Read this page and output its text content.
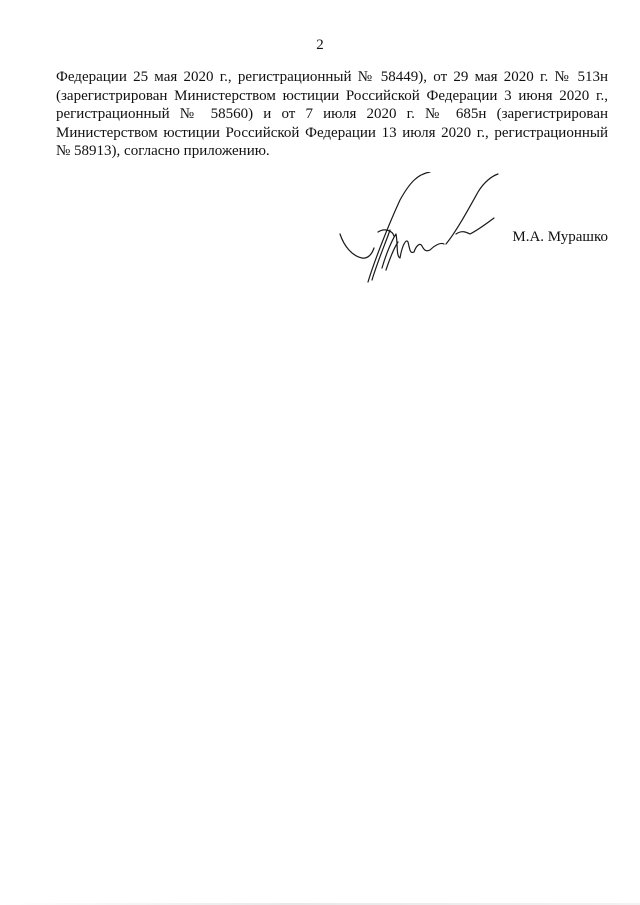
2
Федерации 25 мая 2020 г., регистрационный № 58449), от 29 мая 2020 г. № 513н
(зарегистрирован Министерством юстиции Российской Федерации 3 июня 2020 г.,
регистрационный № 58560) и от 7 июля 2020 г. № 685н (зарегистрирован
Министерством юстиции Российской Федерации 13 июля 2020 г., регистрационный
№ 58913), согласно приложению.
М.А. Мурашко
